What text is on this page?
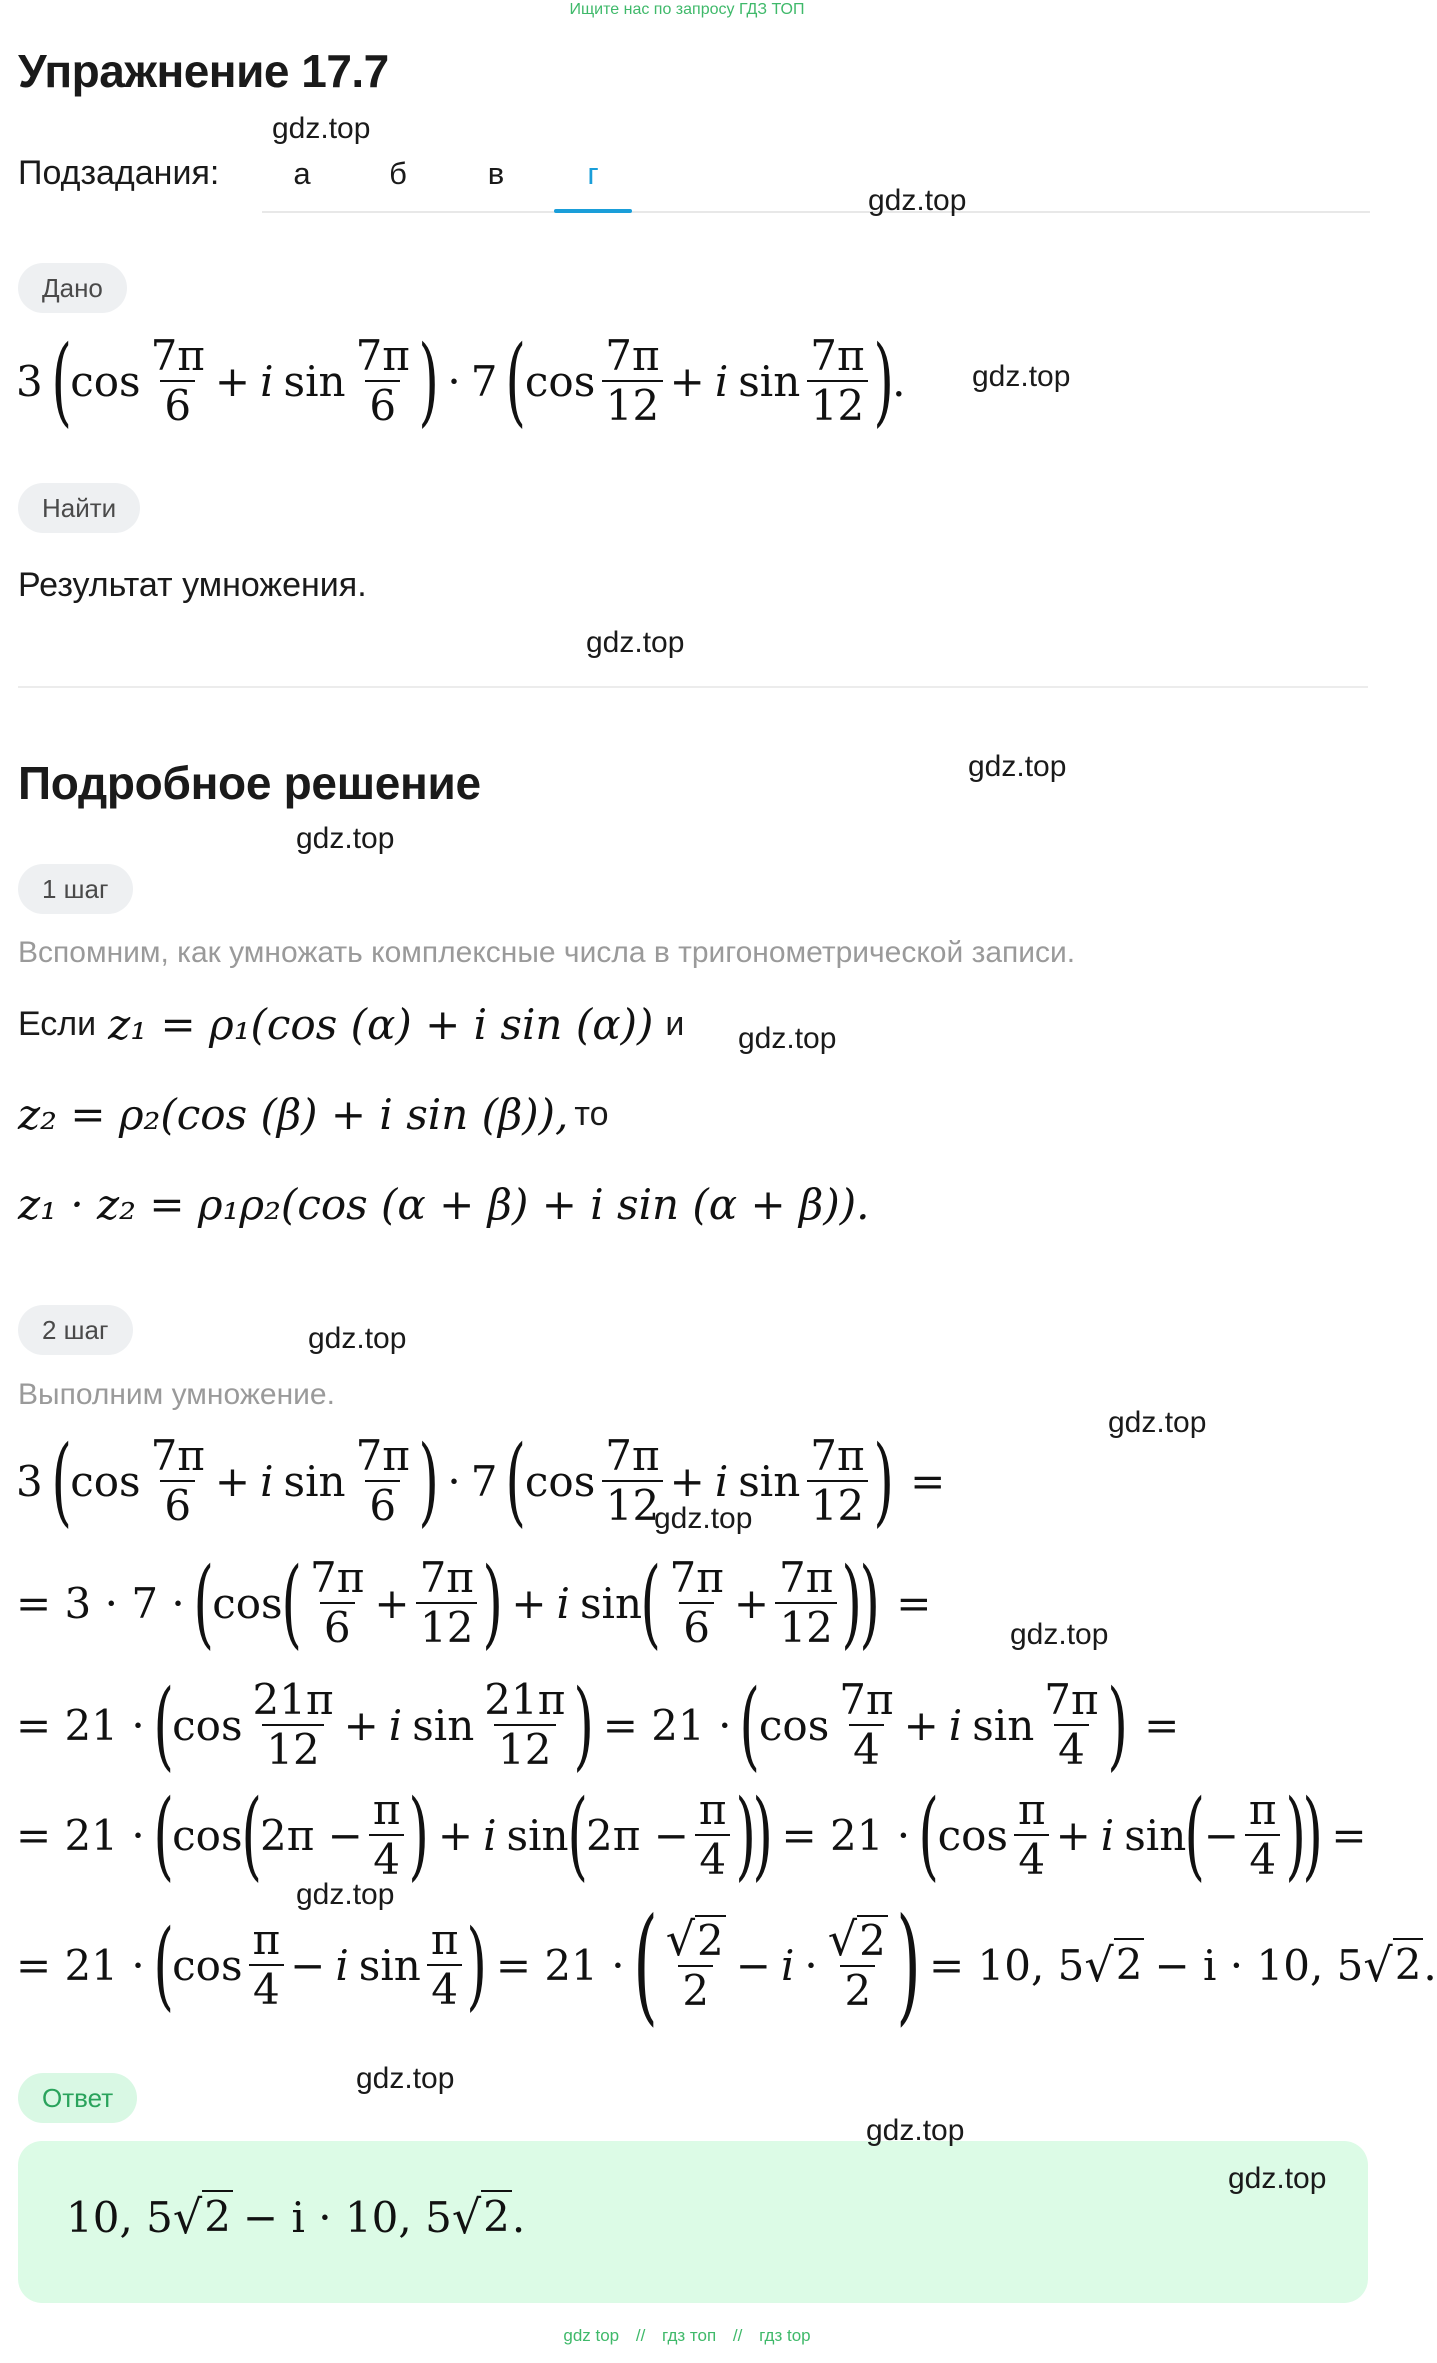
Ищите нас по запросу ГДЗ ТОП
Упражнение 17.7
Подзадания:	а	б	в	г
Дано
3 (
$\cos \frac{7\pi}{6} + i$ $\sin \frac{7\pi}{6}$ ) · 7 (
$\cos \frac{7\pi}{12} + i$ $\sin \frac{7\pi}{12}$ )
.
Найти
Результат умножения.
Подробное решение
1 шаг
Вспомним, как умножать комплексные числа в тригонометрической записи.
Если z₁ = ρ₁(cos (α) + i sin (α)) и
z₂ = ρ₂(cos (β) + i sin (β)), то
z₁ · z₂ = ρ₁ρ₂(cos (α + β) + i sin (α + β)).
2 шаг
Выполним умножение.
3 (
$\cos \frac{7\pi}{6} + i$ $\sin \frac{7\pi}{6}$ ) · 7 (
$\cos \frac{7\pi}{12} + i$ $\sin \frac{7\pi}{12}$ ) =
= 3 · 7 · (
cos
( $\frac{7\pi}{6} + \frac{7\pi}{12}$ ) + i sin
( $\frac{7\pi}{6} + \frac{7\pi}{12}$ )
) =
= 21 · (
$\cos \frac{21\pi}{12} + i$ $\sin \frac{21\pi}{12}$ ) = 21 · (
$\cos \frac{7\pi}{4} + i$ $\sin \frac{7\pi}{4}$ ) =
= 21 · (
cos
(
$2\pi - \frac{\pi}{4}$ ) + i sin
(
$2\pi - \frac{\pi}{4}$ )
) = 21 · (
$\cos \frac{\pi}{4} + i$ sin
(
− $\frac{\pi}{4}$ )
) =
= 21 · (
$\cos \frac{\pi}{4} - i$ $\sin \frac{\pi}{4}$ ) = 21 · ( $\frac{√ 2}{2} - i \cdot \frac{√ 2}{2}$ ) = 10, 5 √ 2 − i · 10, 5 √ 2 .
Ответ
10, 5 √ 2 − i · 10, 5 √ 2 .
gdz.top
gdz.top
gdz.top
gdz.top
gdz.top
gdz.top
gdz.top
gdz.top
gdz.top
gdz.top
gdz.top
gdz.top
gdz.top
gdz.top
gdz.top
gdz top // гдз топ // гдз top
